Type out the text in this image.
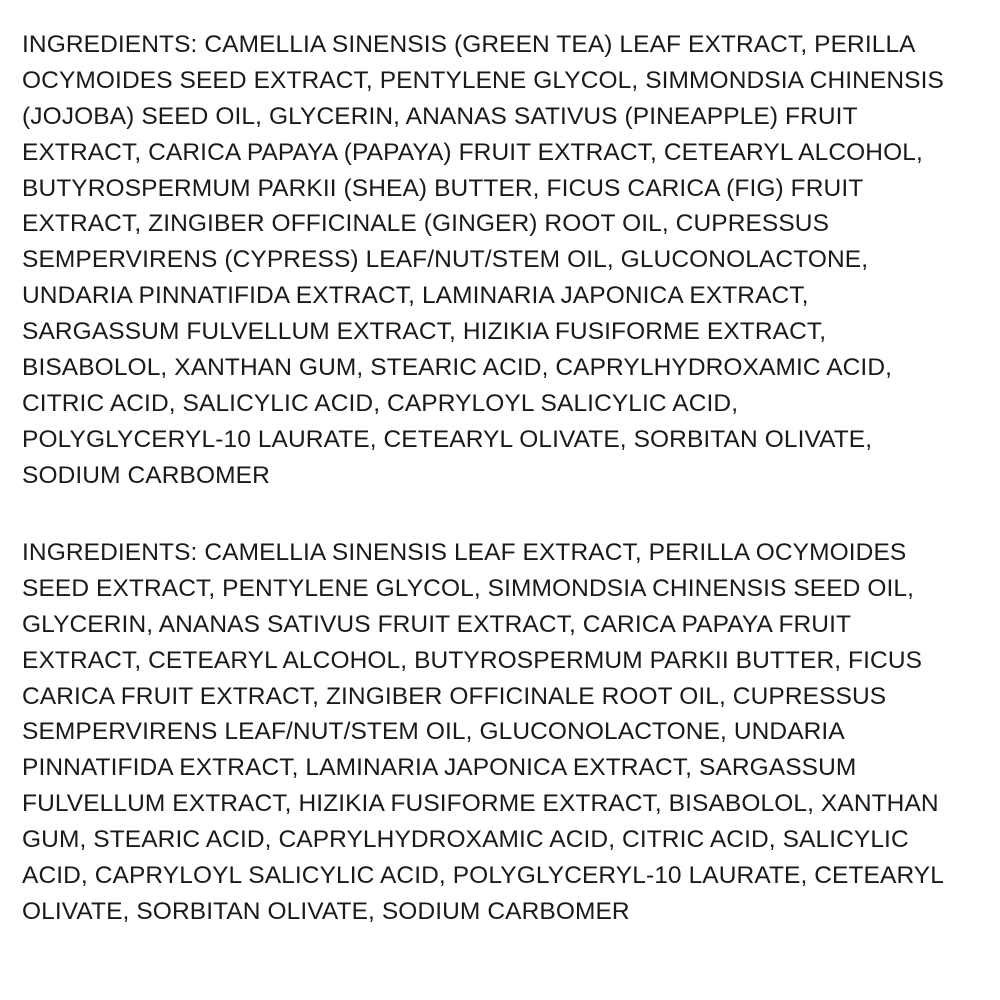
INGREDIENTS: CAMELLIA SINENSIS (GREEN TEA) LEAF EXTRACT, PERILLA
OCYMOIDES SEED EXTRACT, PENTYLENE GLYCOL, SIMMONDSIA CHINENSIS
(JOJOBA) SEED OIL, GLYCERIN, ANANAS SATIVUS (PINEAPPLE) FRUIT
EXTRACT, CARICA PAPAYA (PAPAYA) FRUIT EXTRACT, CETEARYL ALCOHOL,
BUTYROSPERMUM PARKII (SHEA) BUTTER, FICUS CARICA (FIG) FRUIT
EXTRACT, ZINGIBER OFFICINALE (GINGER) ROOT OIL, CUPRESSUS
SEMPERVIRENS (CYPRESS) LEAF/NUT/STEM OIL, GLUCONOLACTONE,
UNDARIA PINNATIFIDA EXTRACT, LAMINARIA JAPONICA EXTRACT,
SARGASSUM FULVELLUM EXTRACT, HIZIKIA FUSIFORME EXTRACT,
BISABOLOL, XANTHAN GUM, STEARIC ACID, CAPRYLHYDROXAMIC ACID,
CITRIC ACID, SALICYLIC ACID, CAPRYLOYL SALICYLIC ACID,
POLYGLYCERYL-10 LAURATE, CETEARYL OLIVATE, SORBITAN OLIVATE,
SODIUM CARBOMER
INGREDIENTS: CAMELLIA SINENSIS LEAF EXTRACT, PERILLA OCYMOIDES
SEED EXTRACT, PENTYLENE GLYCOL, SIMMONDSIA CHINENSIS SEED OIL,
GLYCERIN, ANANAS SATIVUS FRUIT EXTRACT, CARICA PAPAYA FRUIT
EXTRACT, CETEARYL ALCOHOL, BUTYROSPERMUM PARKII BUTTER, FICUS
CARICA FRUIT EXTRACT, ZINGIBER OFFICINALE ROOT OIL, CUPRESSUS
SEMPERVIRENS LEAF/NUT/STEM OIL, GLUCONOLACTONE, UNDARIA
PINNATIFIDA EXTRACT, LAMINARIA JAPONICA EXTRACT, SARGASSUM
FULVELLUM EXTRACT, HIZIKIA FUSIFORME EXTRACT, BISABOLOL, XANTHAN
GUM, STEARIC ACID, CAPRYLHYDROXAMIC ACID, CITRIC ACID, SALICYLIC
ACID, CAPRYLOYL SALICYLIC ACID, POLYGLYCERYL-10 LAURATE, CETEARYL
OLIVATE, SORBITAN OLIVATE, SODIUM CARBOMER
